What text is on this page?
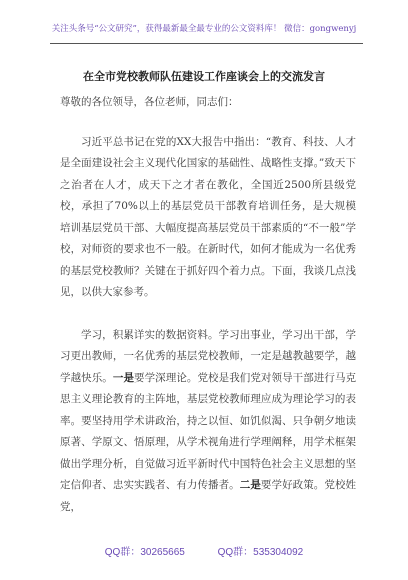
关注头条号“公文研究”，获得最新最全最专业的公文资料库！ 微信：gongwenyj
在全市党校教师队伍建设工作座谈会上的交流发言

尊敬的各位领导，各位老师，同志们：

习近平总书记在党的XX大报告中指出：“教育、科技、人才是全面建设社会主义现代化国家的基础性、战略性支撑。”致天下之治者在人才，成天下之才者在教化，全国近2500所县级党校，承担了70%以上的基层党员干部教育培训任务，是大规模培训基层党员干部、大幅度提高基层党员干部素质的“不一般”学校，对师资的要求也不一般。在新时代，如何才能成为一名优秀的基层党校教师？关键在于抓好四个着力点。下面，我谈几点浅见，以供大家参考。

学习，积累详实的数据资料。学习出事业，学习出干部，学习更出教师，一名优秀的基层党校教师，一定是越教越要学，越学越快乐。一是要学深理论。党校是我们党对领导干部进行马克思主义理论教育的主阵地，基层党校教师理应成为理论学习的表率。要坚持用学术讲政治，持之以恒、如饥似渴、只争朝夕地读原著、学原文、悟原理，从学术视角进行学理阐释，用学术框架做出学理分析，自觉做习近平新时代中国特色社会主义思想的坚定信仰者、忠实实践者、有力传播者。二是要学好政策。党校姓党，

QQ群：30265665	QQ群：535304092
